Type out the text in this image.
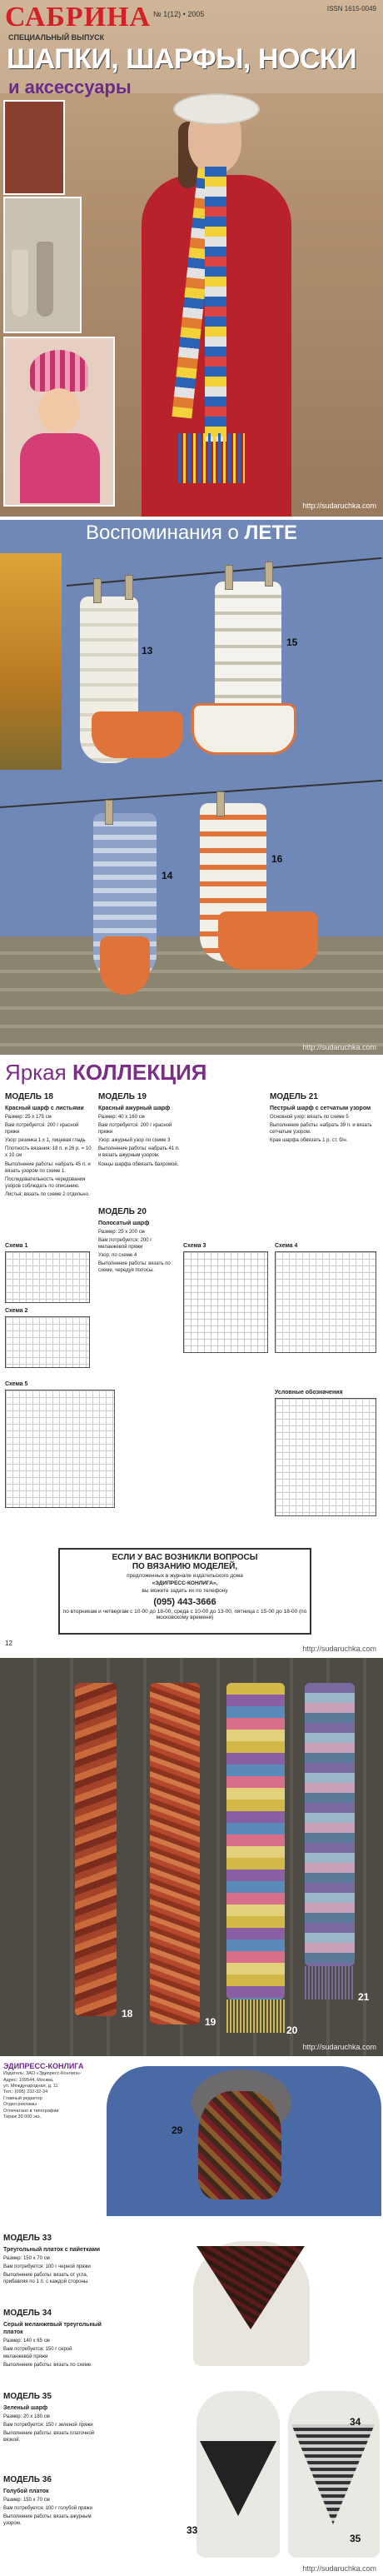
САБРИНА № 1(12) • 2005
ISSN 1615-0049
СПЕЦИАЛЬНЫЙ ВЫПУСК
ШАПКИ, ШАРФЫ, НОСКИ
и аксессуары
http://sudaruchka.com
Воспоминания о ЛЕТЕ
13
15
14
16
http://sudaruchka.com
Яркая КОЛЛЕКЦИЯ
МОДЕЛЬ 18
Красный шарф с листьями

Размер: 25 х 175 см

Вам потребуется: 200 г красной пряжи

Узор: резинка 1 х 1, лицевая гладь

Плотность вязания: 18 п. и 26 р. = 10 х 10 см

Выполнение работы: набрать 45 п. и вязать узором по схеме 1.

Последовательность чередования узоров соблюдать по описанию.

Листья: вязать по схеме 2 отдельно.

МОДЕЛЬ 19
Красный ажурный шарф

Размер: 40 х 160 см

Вам потребуется: 200 г красной пряжи

Узор: ажурный узор по схеме 3

Выполнение работы: набрать 41 п. и вязать ажурным узором.

Концы шарфа обвязать бахромой.

МОДЕЛЬ 20
Полосатый шарф

Размер: 25 х 200 см

Вам потребуется: 200 г меланжевой пряжи

Узор: по схеме 4

Выполнение работы: вязать по схеме, чередуя полосы.

МОДЕЛЬ 21
Пестрый шарф с сетчатым узором

Основной узор: вязать по схеме 5

Выполнение работы: набрать 39 п. и вязать сетчатым узором.

Края шарфа обвязать 1 р. ст. б/н.

Схема 1
Схема 2
Схема 3	Схема 4
Схема 5
Условные обозначения
ЕСЛИ У ВАС ВОЗНИКЛИ ВОПРОСЫ
ПО ВЯЗАНИЮ МОДЕЛЕЙ,
предложенных в журнале издательского дома
«ЭДИПРЕСС-КОНЛИГА»,
вы можете задать их по телефону
(095) 443-3666
по вторникам и четвергам с 10-00 до 18-00, среда с 10-00 до 13-00, пятница с 15-00 до 18-00 (по московскому времени)
12
http://sudaruchka.com
18
19
20
21
http://sudaruchka.com
ЭДИПРЕСС-КОНЛИГА
Издатель: ЗАО «Эдипресс-Конлига»
Адрес: 109544, Москва,
ул. Международная, д. 11
Тел.: (095) 232-32-34
Главный редактор
Отдел рекламы
Отпечатано в типографии
Тираж 30 000 экз.
МОДЕЛЬ 33
Треугольный платок с пайетками

Размер: 150 х 70 см

Вам потребуется: 100 г черной пряжи

Выполнение работы: вязать от угла, прибавляя по 1 п. с каждой стороны.

МОДЕЛЬ 34
Серый меланжевый треугольный платок

Размер: 140 х 65 см

Вам потребуется: 150 г серой меланжевой пряжи

Выполнение работы: вязать по схеме.

МОДЕЛЬ 35
Зеленый шарф

Размер: 20 х 180 см

Вам потребуется: 150 г зеленой пряжи

Выполнение работы: вязать платочной вязкой.

МОДЕЛЬ 36
Голубой платок

Размер: 150 х 70 см

Вам потребуется: 100 г голубой пряжи

Выполнение работы: вязать ажурным узором.

29
33
34
35
http://sudaruchka.com
